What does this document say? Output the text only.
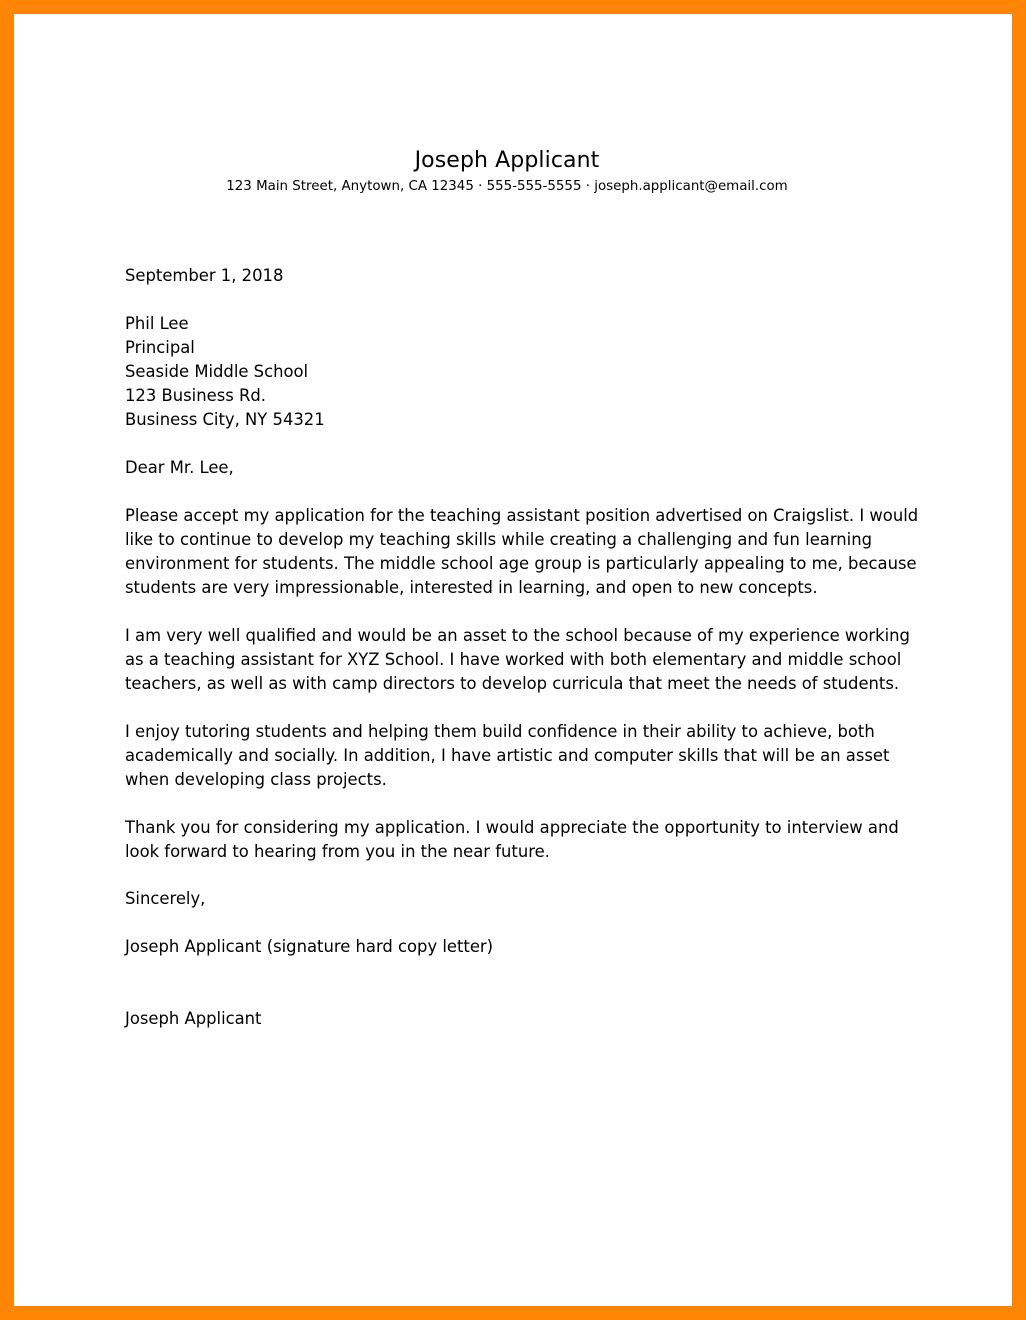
Joseph Applicant
123 Main Street, Anytown, CA 12345 · 555-555-5555 · joseph.applicant@email.com
September 1, 2018
Phil Lee
Principal
Seaside Middle School
123 Business Rd.
Business City, NY 54321
Dear Mr. Lee,
Please accept my application for the teaching assistant position advertised on Craigslist. I would
like to continue to develop my teaching skills while creating a challenging and fun learning
environment for students. The middle school age group is particularly appealing to me, because
students are very impressionable, interested in learning, and open to new concepts.
I am very well qualified and would be an asset to the school because of my experience working
as a teaching assistant for XYZ School. I have worked with both elementary and middle school
teachers, as well as with camp directors to develop curricula that meet the needs of students.
I enjoy tutoring students and helping them build confidence in their ability to achieve, both
academically and socially. In addition, I have artistic and computer skills that will be an asset
when developing class projects.
Thank you for considering my application. I would appreciate the opportunity to interview and
look forward to hearing from you in the near future.
Sincerely,
Joseph Applicant (signature hard copy letter)
Joseph Applicant
